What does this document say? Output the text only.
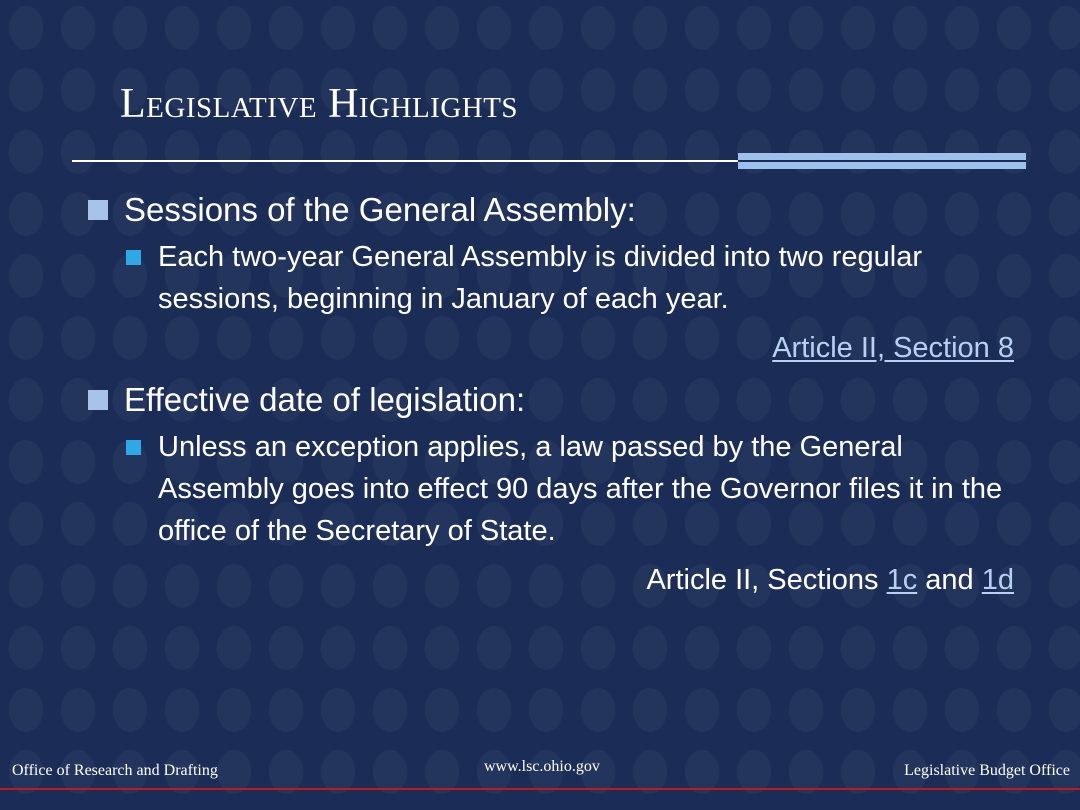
Legislative Highlights
Sessions of the General Assembly:
Each two-year General Assembly is divided into two regular sessions, beginning in January of each year.
Article II, Section 8
Effective date of legislation:
Unless an exception applies, a law passed by the General Assembly goes into effect 90 days after the Governor files it in the office of the Secretary of State.
Article II, Sections 1c and 1d
Office of Research and Drafting	www.lsc.ohio.gov	Legislative Budget Office
